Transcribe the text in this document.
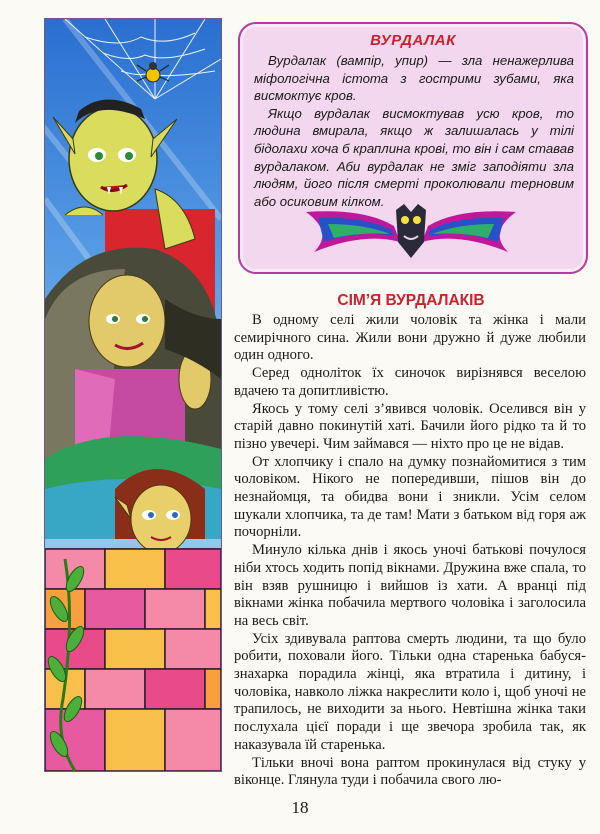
ВУРДАЛАК

Вурдалак (вампір, упир) — зла ненажерлива міфологічна істота з гострими зубами, яка висмоктує кров.

Якщо вурдалак висмоктував усю кров, то людина вмирала, якщо ж залишалась у тілі бідолахи хоча б краплина крові, то він і сам ставав вурдалаком. Аби вурдалак не зміг заподіяти зла людям, його після смерті проколювали терновим або осиковим кілком.

СІМ’Я ВУРДАЛАКІВ

В одному селі жили чоловік та жінка і мали семирічного сина. Жили вони дружно й дуже любили один одного.

Серед одноліток їх синочок вирізнявся веселою вдачею та допитливістю.

Якось у тому селі з’явився чоловік. Оселився він у старій давно покинутій хаті. Бачили його рідко та й то пізно увечері. Чим займався — ніхто про це не відав.

От хлопчику і спало на думку познайомитися з тим чоловіком. Нікого не попередивши, пішов він до незнайомця, та обидва вони і зникли. Усім селом шукали хлопчика, та де там! Мати з батьком від горя аж почорніли.

Минуло кілька днів і якось уночі батькові почулося ніби хтось ходить попід вікнами. Дружина вже спала, то він взяв рушницю і вийшов із хати. А вранці під вікнами жінка побачила мертвого чоловіка і заголосила на весь світ.

Усіх здивувала раптова смерть людини, та що було робити, поховали його. Тільки одна старенька бабуся-знахарка порадила жінці, яка втратила і дитину, і чоловіка, навколо ліжка накреслити коло і, щоб уночі не трапилось, не виходити за нього. Невтішна жінка таки послухала цієї поради і ще звечора зробила так, як наказувала їй старенька.

Тільки вночі вона раптом прокинулася від стуку у віконце. Глянула туди і побачила свого лю-

18
